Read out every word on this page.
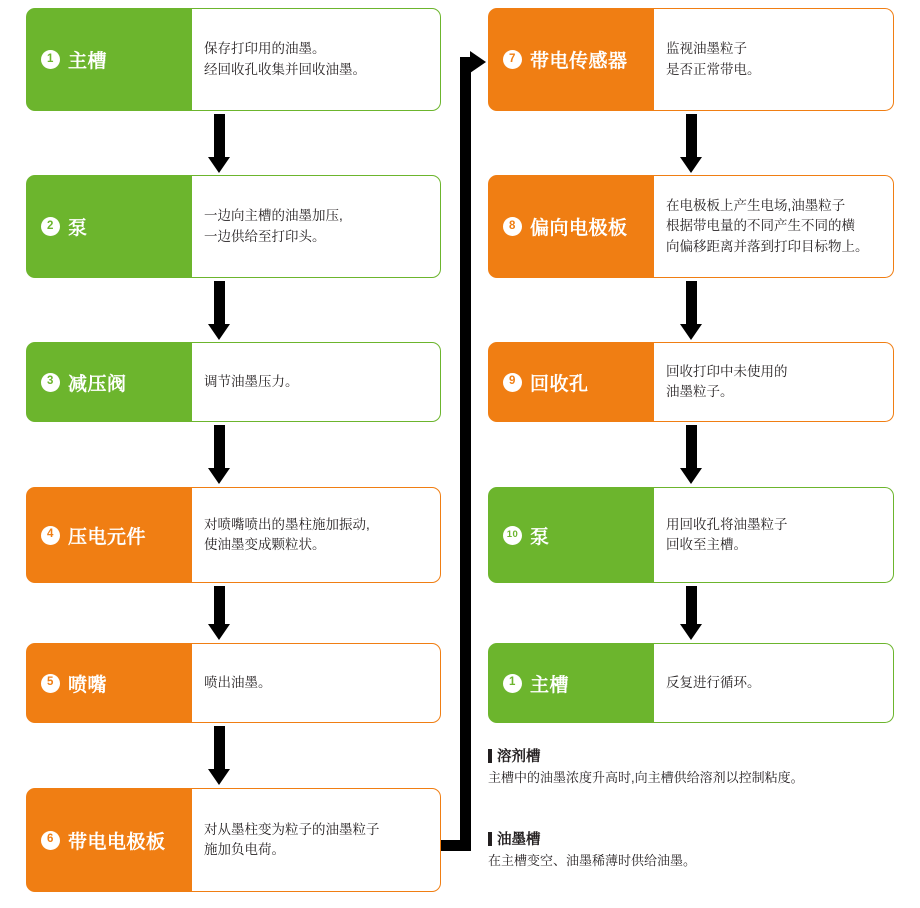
1 主槽
保存打印用的油墨。
经回收孔收集并回收油墨。
2 泵
一边向主槽的油墨加压,
一边供给至打印头。
3 减压阀	调节油墨压力。
4 压电元件
对喷嘴喷出的墨柱施加振动,
使油墨变成颗粒状。
5 喷嘴	喷出油墨。
6 带电电极板
对从墨柱变为粒子的油墨粒子
施加负电荷。
7 带电传感器
监视油墨粒子
是否正常带电。
8 偏向电极板
在电极板上产生电场,油墨粒子
根据带电量的不同产生不同的横
向偏移距离并落到打印目标物上。
9 回收孔
回收打印中未使用的
油墨粒子。
10 泵
用回收孔将油墨粒子
回收至主槽。
1 主槽	反复进行循环。
溶剂槽
主槽中的油墨浓度升高时,向主槽供给溶剂以控制粘度。
油墨槽
在主槽变空、油墨稀薄时供给油墨。
